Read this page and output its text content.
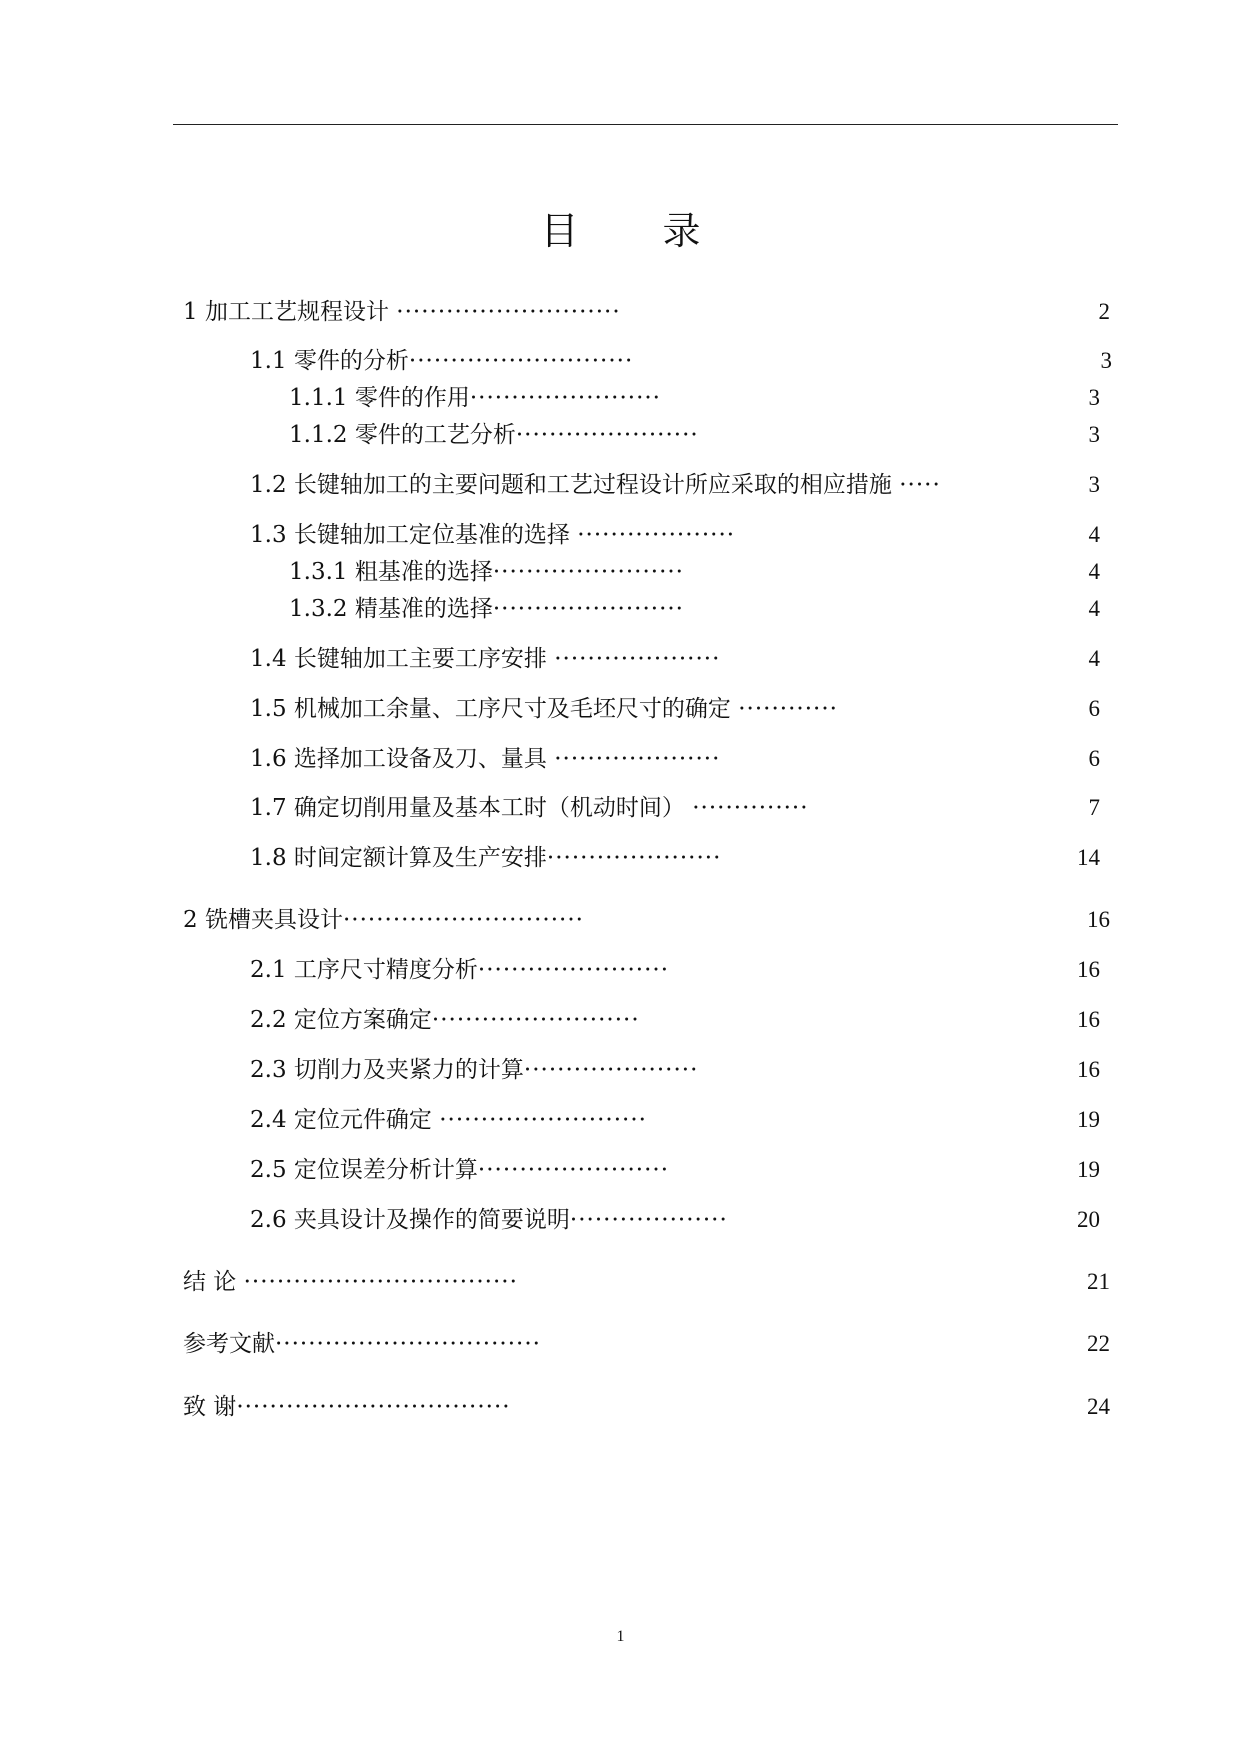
目 录
1 加工工艺规程设计 ···························	2
1.1 零件的分析···························	3
1.1.1 零件的作用·······················	3
1.1.2 零件的工艺分析······················	3
1.2 长键轴加工的主要问题和工艺过程设计所应采取的相应措施 ·····	3
1.3 长键轴加工定位基准的选择 ···················	4
1.3.1 粗基准的选择·······················	4
1.3.2 精基准的选择·······················	4
1.4 长键轴加工主要工序安排 ····················	4
1.5 机械加工余量、工序尺寸及毛坯尺寸的确定 ············	6
1.6 选择加工设备及刀、量具 ····················	6
1.7 确定切削用量及基本工时（机动时间） ··············	7
1.8 时间定额计算及生产安排·····················	14
2 铣槽夹具设计·····························	16
2.1 工序尺寸精度分析·······················	16
2.2 定位方案确定·························	16
2.3 切削力及夹紧力的计算·····················	16
2.4 定位元件确定 ·························	19
2.5 定位误差分析计算·······················	19
2.6 夹具设计及操作的简要说明···················	20
结 论 ·································	21
参考文献································	22
致 谢·································	24
1
